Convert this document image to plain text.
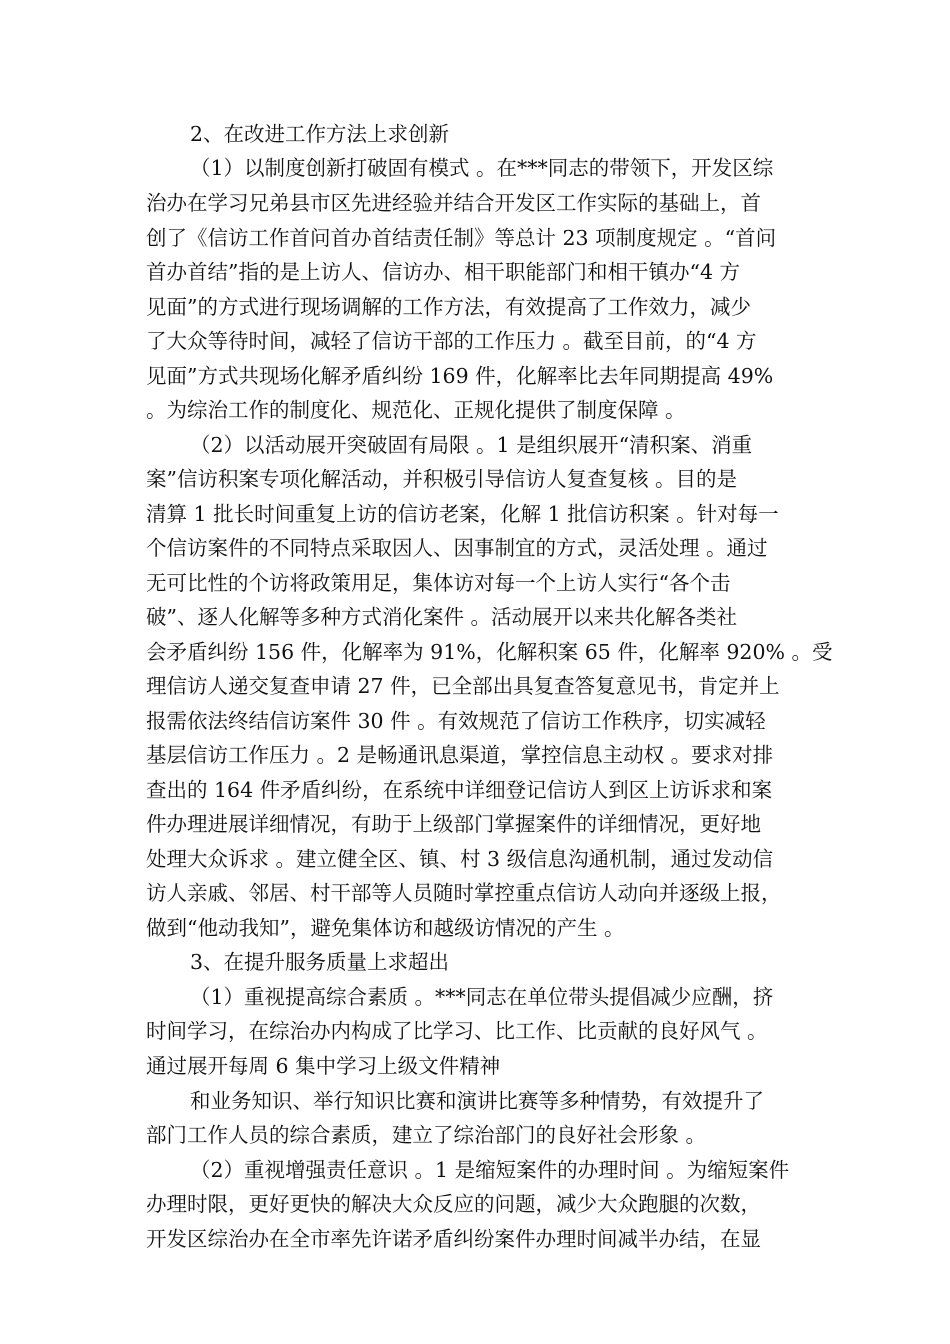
2、在改进工作方法上求创新
（1）以制度创新打破固有模式 。在***同志的带领下，开发区综
治办在学习兄弟县市区先进经验并结合开发区工作实际的基础上，首
创了《信访工作首问首办首结责任制》等总计 23 项制度规定 。“首问
首办首结”指的是上访人、信访办、相干职能部门和相干镇办“4 方
见面”的方式进行现场调解的工作方法，有效提高了工作效力，减少
了大众等待时间，减轻了信访干部的工作压力 。截至目前，的“4 方
见面”方式共现场化解矛盾纠纷 169 件，化解率比去年同期提高 49%
。为综治工作的制度化、规范化、正规化提供了制度保障 。
（2）以活动展开突破固有局限 。1 是组织展开“清积案、消重
案”信访积案专项化解活动，并积极引导信访人复查复核 。目的是
清算 1 批长时间重复上访的信访老案，化解 1 批信访积案 。针对每一
个信访案件的不同特点采取因人、因事制宜的方式，灵活处理 。通过
无可比性的个访将政策用足，集体访对每一个上访人实行“各个击
破”、逐人化解等多种方式消化案件 。活动展开以来共化解各类社
会矛盾纠纷 156 件，化解率为 91%，化解积案 65 件，化解率 920% 。受
理信访人递交复查申请 27 件，已全部出具复查答复意见书，肯定并上
报需依法终结信访案件 30 件 。有效规范了信访工作秩序，切实减轻
基层信访工作压力 。2 是畅通讯息渠道，掌控信息主动权 。要求对排
查出的 164 件矛盾纠纷，在系统中详细登记信访人到区上访诉求和案
件办理进展详细情况，有助于上级部门掌握案件的详细情况，更好地
处理大众诉求 。建立健全区、镇、村 3 级信息沟通机制，通过发动信
访人亲戚、邻居、村干部等人员随时掌控重点信访人动向并逐级上报，
做到“他动我知”，避免集体访和越级访情况的产生 。
3、在提升服务质量上求超出
（1）重视提高综合素质 。***同志在单位带头提倡减少应酬，挤
时间学习，在综治办内构成了比学习、比工作、比贡献的良好风气 。
通过展开每周 6 集中学习上级文件精神
和业务知识、举行知识比赛和演讲比赛等多种情势，有效提升了
部门工作人员的综合素质，建立了综治部门的良好社会形象 。
（2）重视增强责任意识 。1 是缩短案件的办理时间 。为缩短案件
办理时限，更好更快的解决大众反应的问题，减少大众跑腿的次数，
开发区综治办在全市率先许诺矛盾纠纷案件办理时间减半办结，在显
